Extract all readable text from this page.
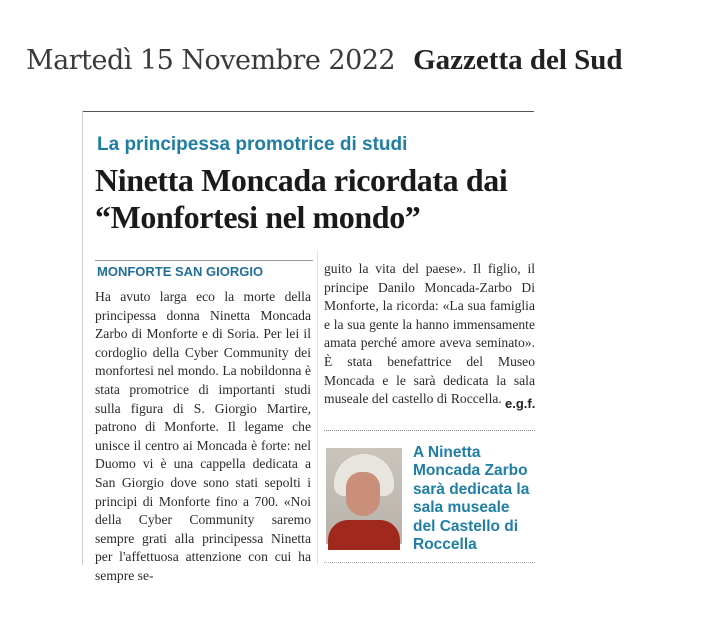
Martedì 15 Novembre 2022 Gazzetta del Sud
La principessa promotrice di studi
Ninetta Moncada ricordata dai “Monfortesi nel mondo”
MONFORTE SAN GIORGIO
Ha avuto larga eco la morte della principessa donna Ninetta Moncada Zarbo di Monforte e di Soria. Per lei il cordoglio della Cyber Community dei monfortesi nel mondo. La nobildonna è stata promotrice di importanti studi sulla figura di S. Giorgio Martire, patrono di Monforte. Il legame che unisce il centro ai Moncada è forte: nel Duomo vi è una cappella dedicata a San Giorgio dove sono stati sepolti i principi di Monforte fino a 700. «Noi della Cyber Community saremo sempre grati alla principessa Ninetta per l'affettuosa attenzione con cui ha sempre se-
guito la vita del paese». Il figlio, il principe Danilo Moncada-Zarbo Di Monforte, la ricorda: «La sua famiglia e la sua gente la hanno immensamente amata perché amore aveva seminato». È stata benefattrice del Museo Moncada e le sarà dedicata la sala museale del castello di Roccella. e.g.f.
A Ninetta Moncada Zarbo sarà dedicata la sala museale del Castello di Roccella
